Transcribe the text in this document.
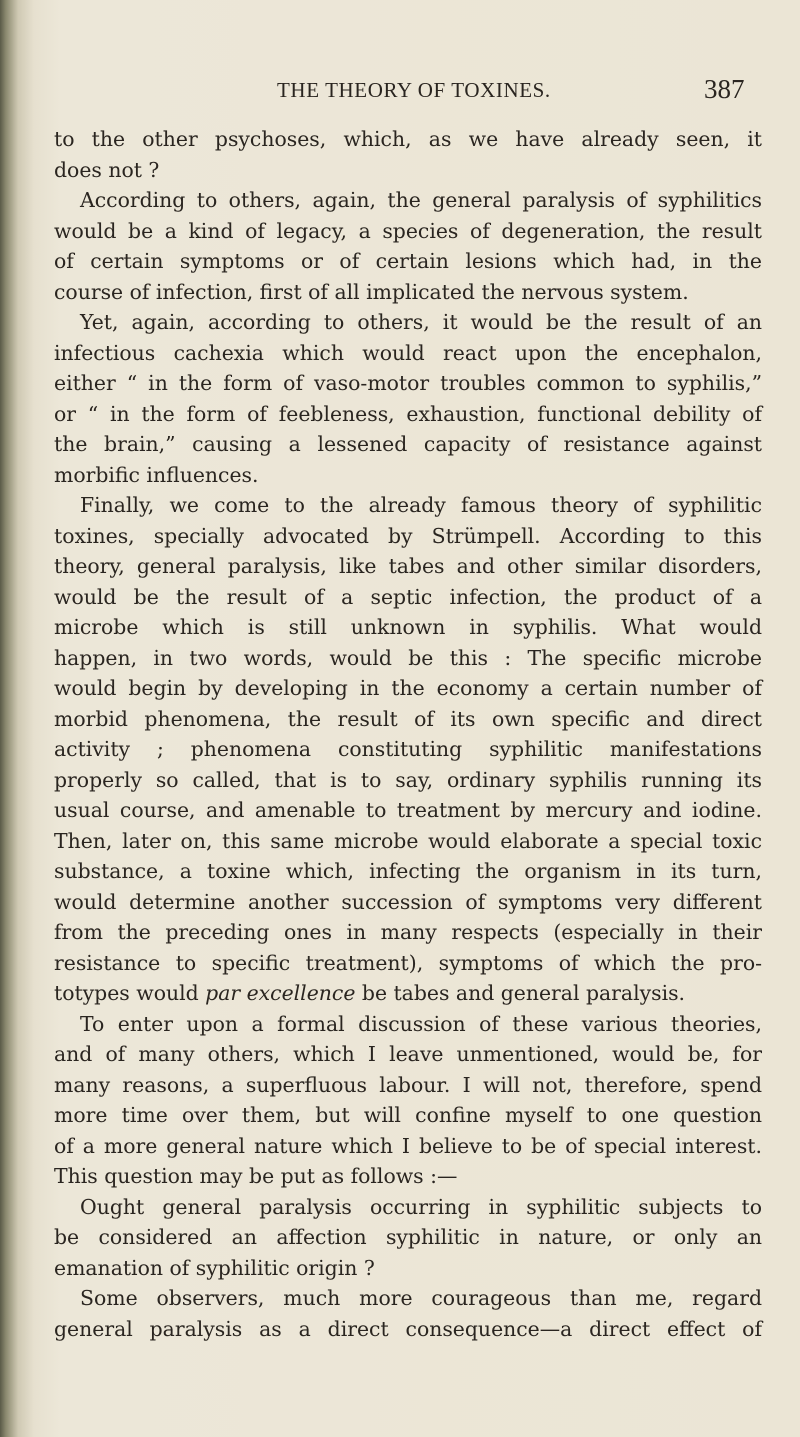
THE THEORY OF TOXINES.	387
to the other psychoses, which, as we have already seen, it
does not ?
According to others, again, the general paralysis of syphilitics
would be a kind of legacy, a species of degeneration, the result
of certain symptoms or of certain lesions which had, in the
course of infection, first of all implicated the nervous system.
Yet, again, according to others, it would be the result of an
infectious cachexia which would react upon the encephalon,
either “ in the form of vaso-motor troubles common to syphilis,”
or “ in the form of feebleness, exhaustion, functional debility of
the brain,” causing a lessened capacity of resistance against
morbific influences.
Finally, we come to the already famous theory of syphilitic
toxines, specially advocated by Strümpell. According to this
theory, general paralysis, like tabes and other similar disorders,
would be the result of a septic infection, the product of a
microbe which is still unknown in syphilis. What would
happen, in two words, would be this : The specific microbe
would begin by developing in the economy a certain number of
morbid phenomena, the result of its own specific and direct
activity ; phenomena constituting syphilitic manifestations
properly so called, that is to say, ordinary syphilis running its
usual course, and amenable to treatment by mercury and iodine.
Then, later on, this same microbe would elaborate a special toxic
substance, a toxine which, infecting the organism in its turn,
would determine another succession of symptoms very different
from the preceding ones in many respects (especially in their
resistance to specific treatment), symptoms of which the pro-
totypes would par excellence be tabes and general paralysis.
To enter upon a formal discussion of these various theories,
and of many others, which I leave unmentioned, would be, for
many reasons, a superfluous labour. I will not, therefore, spend
more time over them, but will confine myself to one question
of a more general nature which I believe to be of special interest.
This question may be put as follows :—
Ought general paralysis occurring in syphilitic subjects to
be considered an affection syphilitic in nature, or only an
emanation of syphilitic origin ?
Some observers, much more courageous than me, regard
general paralysis as a direct consequence—a direct effect of
